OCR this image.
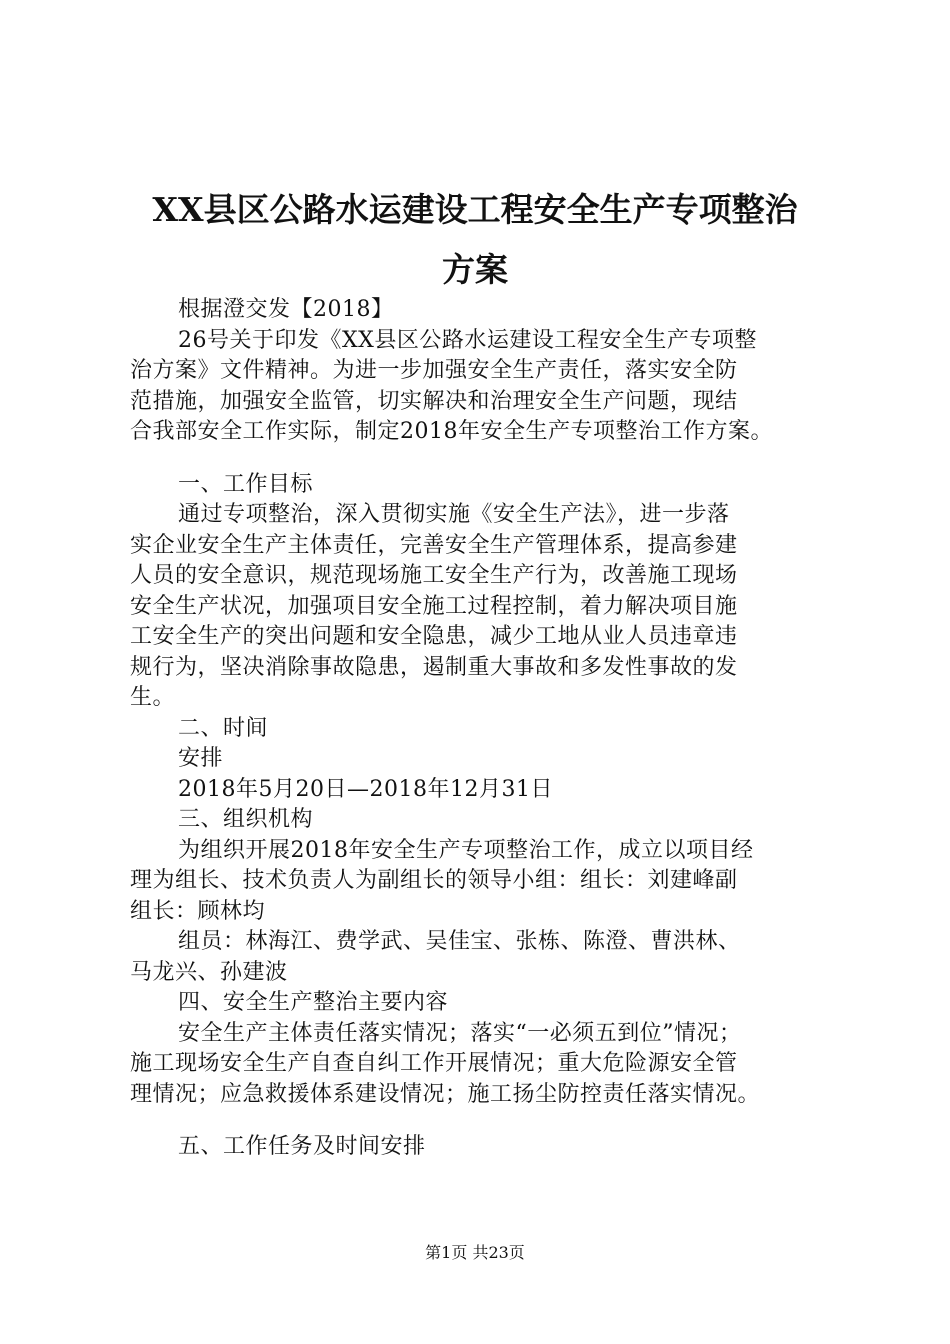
XX县区公路水运建设工程安全生产专项整治
方案
根据澄交发【2018】
26号关于印发《XX县区公路水运建设工程安全生产专项整
治方案》文件精神。为进一步加强安全生产责任，落实安全防
范措施，加强安全监管，切实解决和治理安全生产问题，现结
合我部安全工作实际，制定2018年安全生产专项整治工作方案。
一、工作目标
通过专项整治，深入贯彻实施《安全生产法》，进一步落
实企业安全生产主体责任，完善安全生产管理体系，提高参建
人员的安全意识，规范现场施工安全生产行为，改善施工现场
安全生产状况，加强项目安全施工过程控制，着力解决项目施
工安全生产的突出问题和安全隐患，减少工地从业人员违章违
规行为，坚决消除事故隐患，遏制重大事故和多发性事故的发
生。
二、时间
安排
2018年5月20日—2018年12月31日
三、组织机构
为组织开展2018年安全生产专项整治工作，成立以项目经
理为组长、技术负责人为副组长的领导小组：组长：刘建峰副
组长：顾林均
组员：林海江、费学武、吴佳宝、张栋、陈澄、曹洪林、
马龙兴、孙建波
四、安全生产整治主要内容
安全生产主体责任落实情况；落实“一必须五到位”情况；
施工现场安全生产自查自纠工作开展情况；重大危险源安全管
理情况；应急救援体系建设情况；施工扬尘防控责任落实情况。
五、工作任务及时间安排
第1页 共23页
